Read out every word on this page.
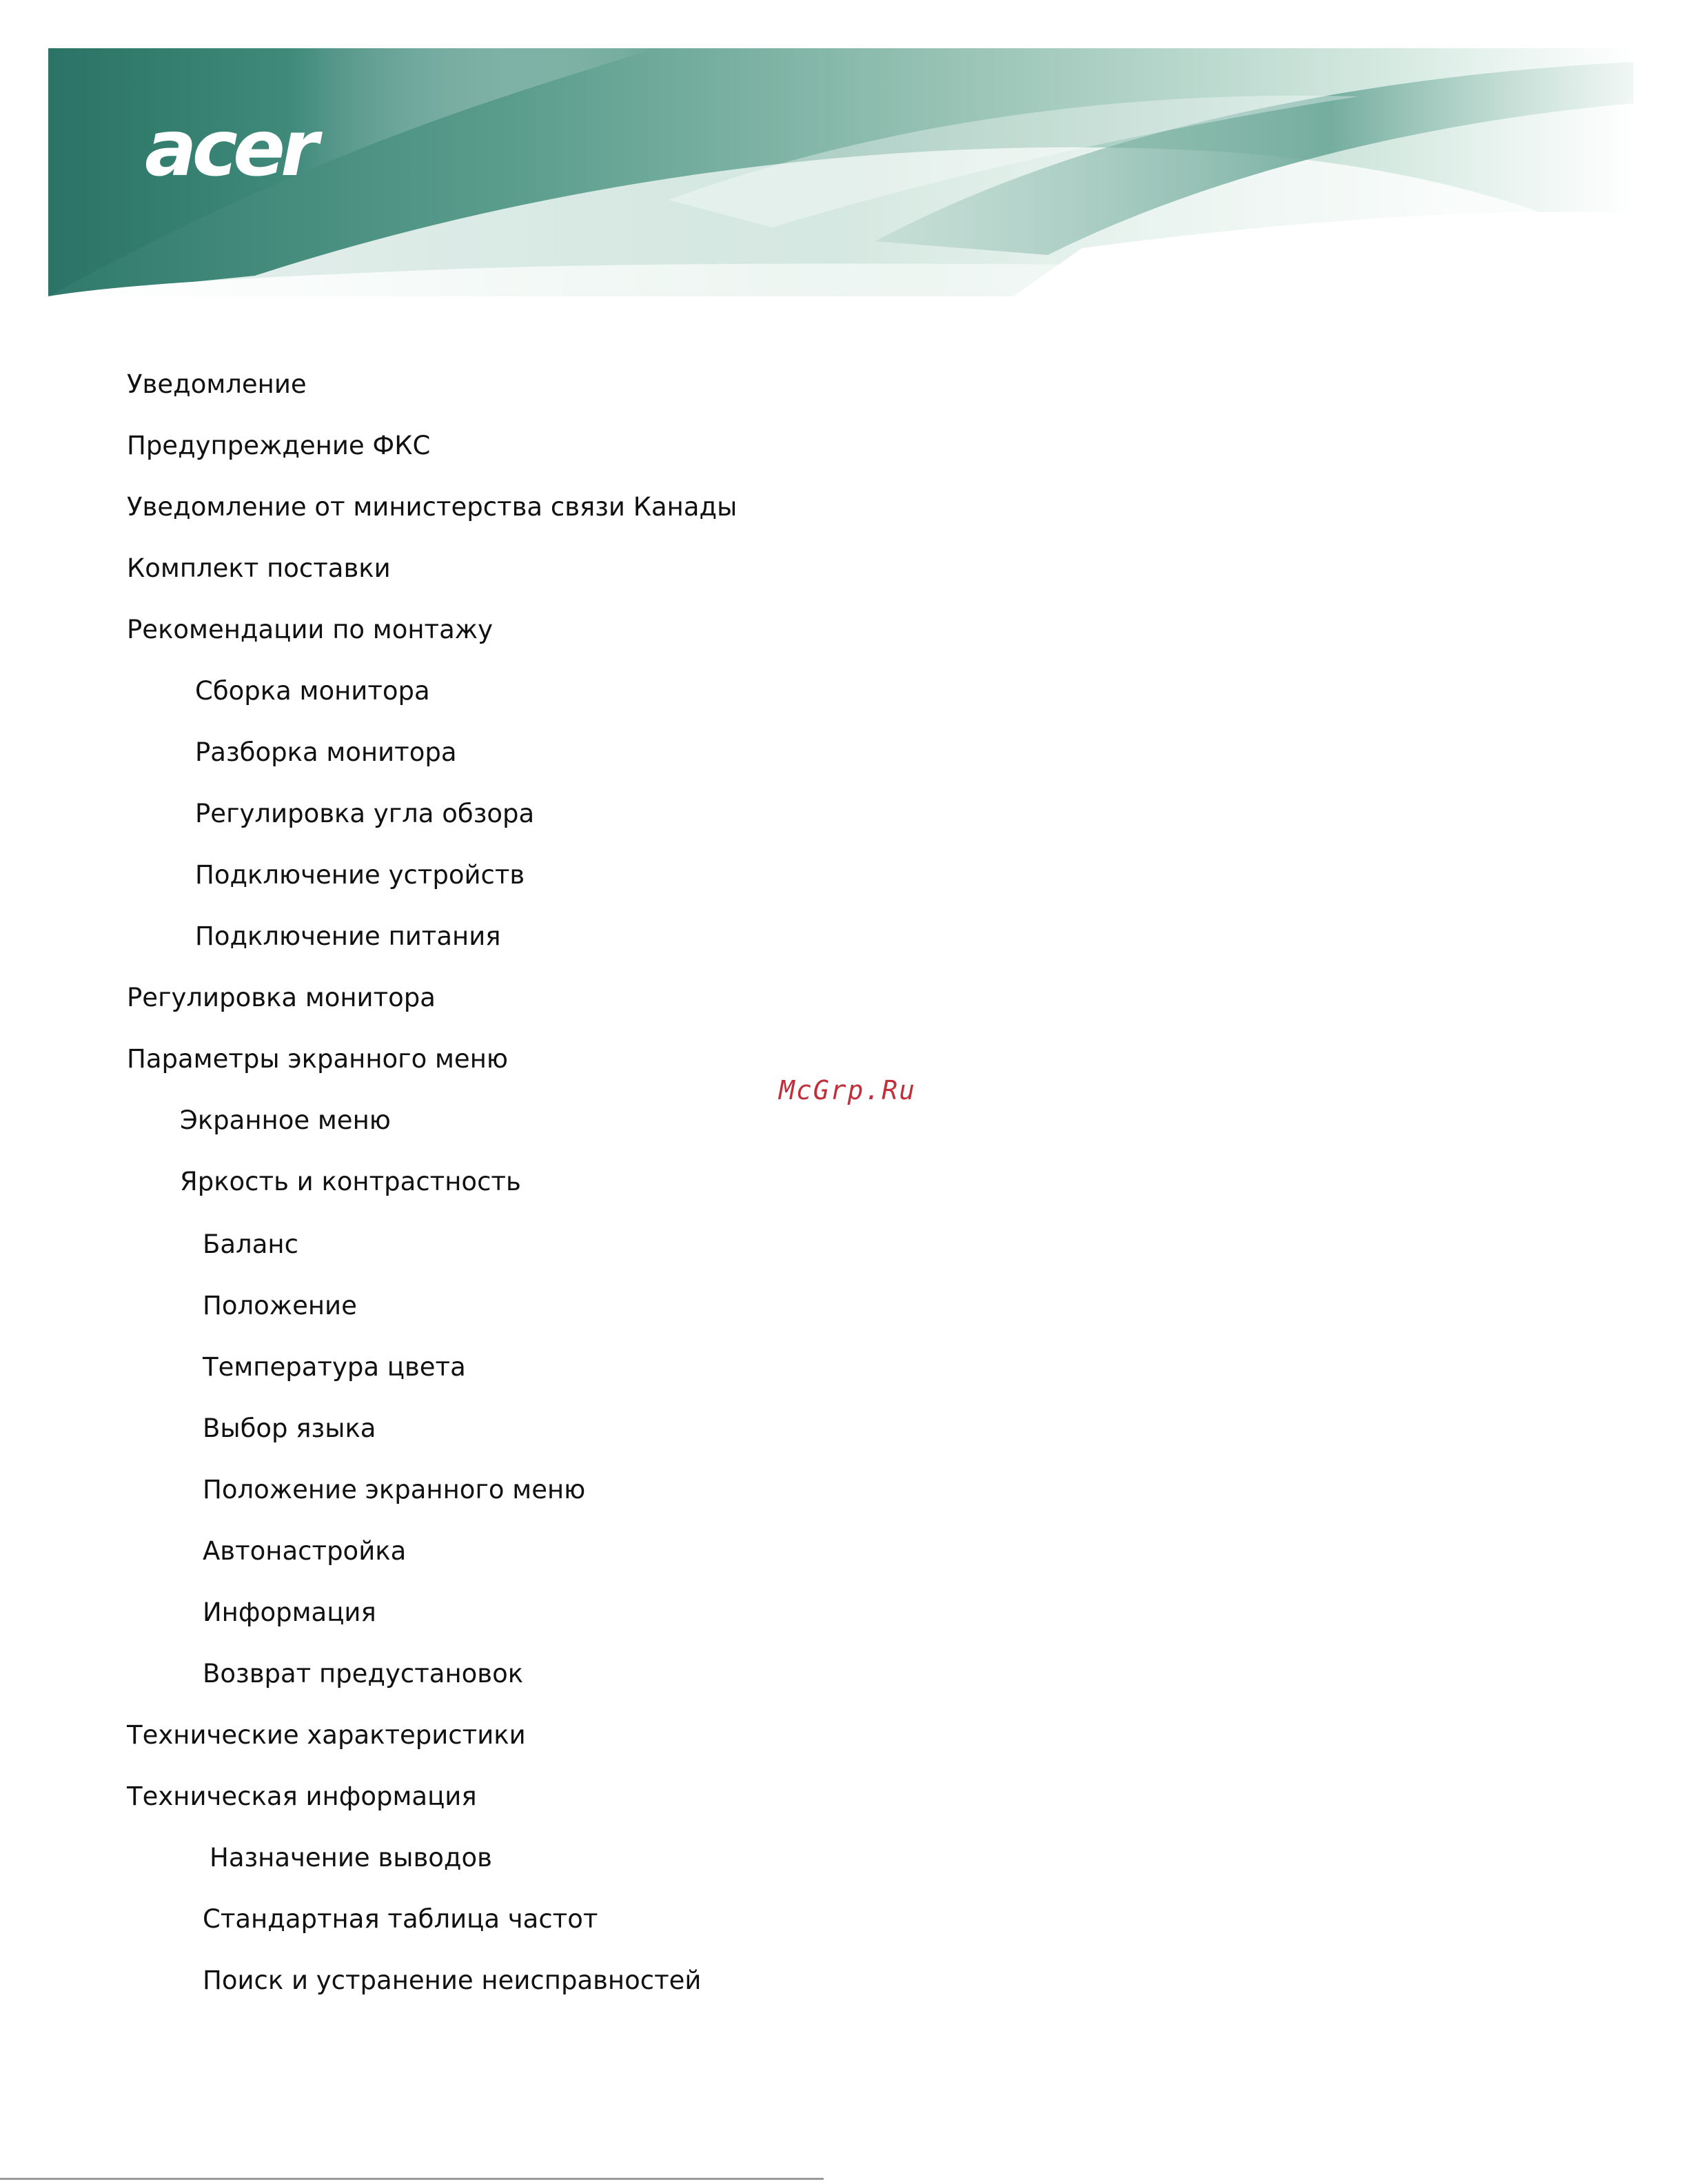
acer
Уведомление
Предупреждение ФКС
Уведомление от министерства связи Канады
Комплект поставки
Рекомендации по монтажу
Сборка монитора
Разборка монитора
Регулировка угла обзора
Подключение устройств
Подключение питания
Регулировка монитора
Параметры экранного меню
Экранное меню
Яркость и контрастность
Баланс
Положение
Температура цвета
Выбор языка
Положение экранного меню
Автонастройка
Информация
Возврат предустановок
Технические характеристики
Техническая информация
Назначение выводов
Стандартная таблица частот
Поиск и устранение неисправностей
McGrp.Ru
